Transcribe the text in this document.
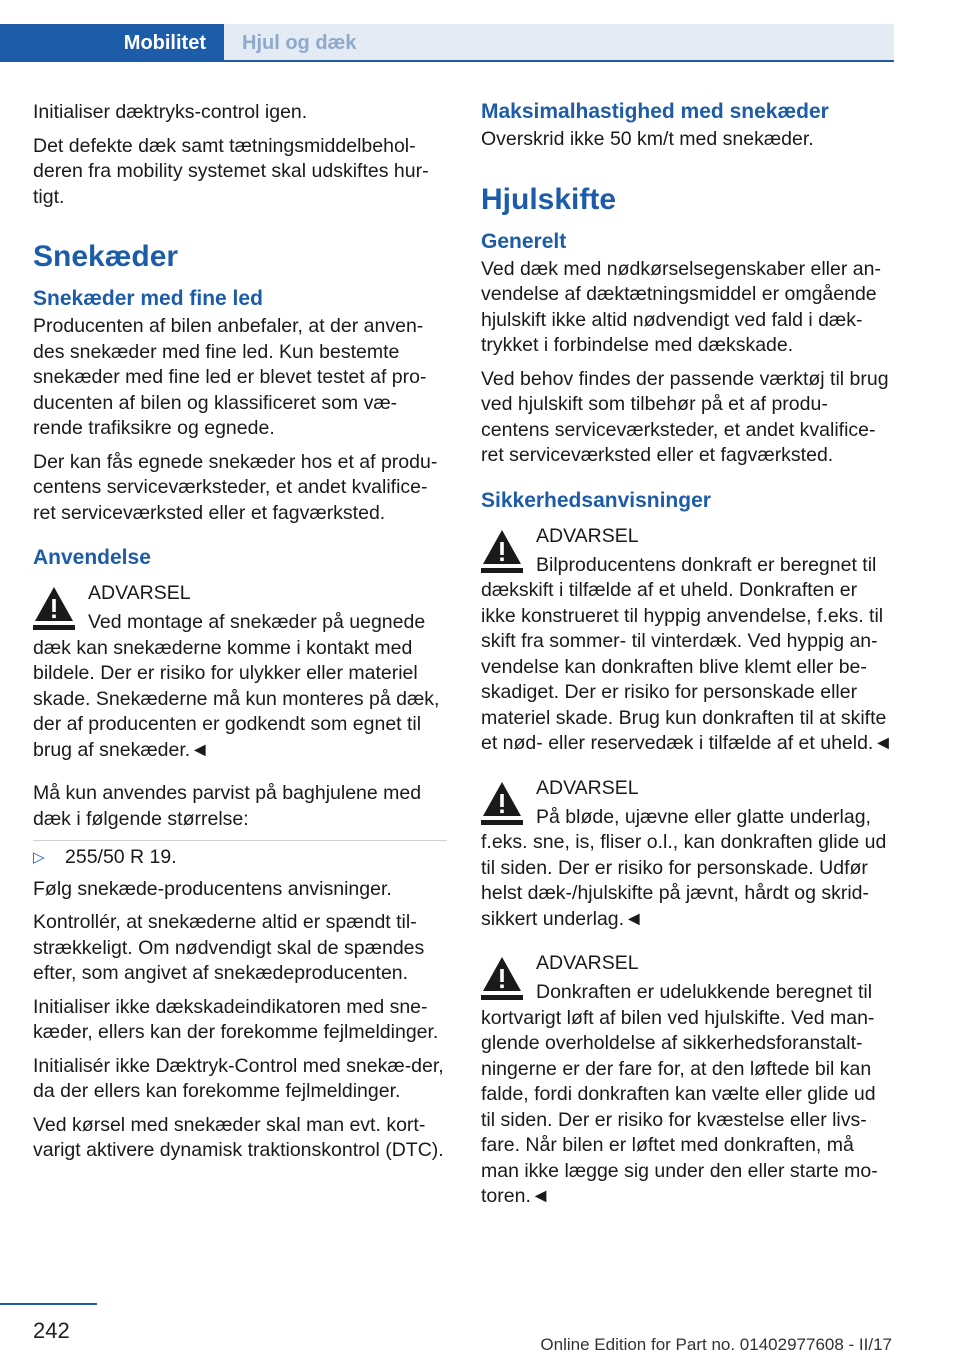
Mobilitet	Hjul og dæk

Initialiser dæktryks-control igen.

Det defekte dæk samt tætningsmiddelbehol-deren fra mobility systemet skal udskiftes hur-tigt.

Snekæder
Snekæder med fine led

Producenten af bilen anbefaler, at der anven-des snekæder med fine led. Kun bestemte snekæder med fine led er blevet testet af pro-ducenten af bilen og klassificeret som væ-rende trafiksikre og egnede.

Der kan fås egnede snekæder hos et af produ-centens serviceværksteder, et andet kvalifice-ret serviceværksted eller et fagværksted.

Anvendelse
ADVARSEL
Ved montage af snekæder på uegnede dæk kan snekæderne komme i kontakt med bildele. Der er risiko for ulykker eller materiel skade. Snekæderne må kun monteres på dæk, der af producenten er godkendt som egnet til brug af snekæder.◄

Må kun anvendes parvist på baghjulene med dæk i følgende størrelse:

▷	255/50 R 19.

Følg snekæde-producentens anvisninger.

Kontrollér, at snekæderne altid er spændt til-strækkeligt. Om nødvendigt skal de spændes efter, som angivet af snekædeproducenten.

Initialiser ikke dækskadeindikatoren med sne-kæder, ellers kan der forekomme fejlmeldinger.

Initialisér ikke Dæktryk-Control med snekæ-der, da der ellers kan forekomme fejlmeldinger.

Ved kørsel med snekæder skal man evt. kort-varigt aktivere dynamisk traktionskontrol (DTC).

Maksimalhastighed med snekæder

Overskrid ikke 50 km/t med snekæder.

Hjulskifte
Generelt

Ved dæk med nødkørselsegenskaber eller an-vendelse af dæktætningsmiddel er omgående hjulskift ikke altid nødvendigt ved fald i dæk-trykket i forbindelse med dækskade.

Ved behov findes der passende værktøj til brug ved hjulskift som tilbehør på et af produ-centens serviceværksteder, et andet kvalifice-ret serviceværksted eller et fagværksted.

Sikkerhedsanvisninger
ADVARSEL
Bilproducentens donkraft er beregnet til dækskift i tilfælde af et uheld. Donkraften er ikke konstrueret til hyppig anvendelse, f.eks. til skift fra sommer- til vinterdæk. Ved hyppig an-vendelse kan donkraften blive klemt eller be-skadiget. Der er risiko for personskade eller materiel skade. Brug kun donkraften til at skifte et nød- eller reservedæk i tilfælde af et uheld.◄
ADVARSEL
På bløde, ujævne eller glatte underlag, f.eks. sne, is, fliser o.l., kan donkraften glide ud til siden. Der er risiko for personskade. Udfør helst dæk-/hjulskifte på jævnt, hårdt og skrid-sikkert underlag.◄
ADVARSEL
Donkraften er udelukkende beregnet til kortvarigt løft af bilen ved hjulskifte. Ved man-glende overholdelse af sikkerhedsforanstalt-ningerne er der fare for, at den løftede bil kan falde, fordi donkraften kan vælte eller glide ud til siden. Der er risiko for kvæstelse eller livs-fare. Når bilen er løftet med donkraften, må man ikke lægge sig under den eller starte mo-toren.◄
242
Online Edition for Part no. 01402977608 - II/17
